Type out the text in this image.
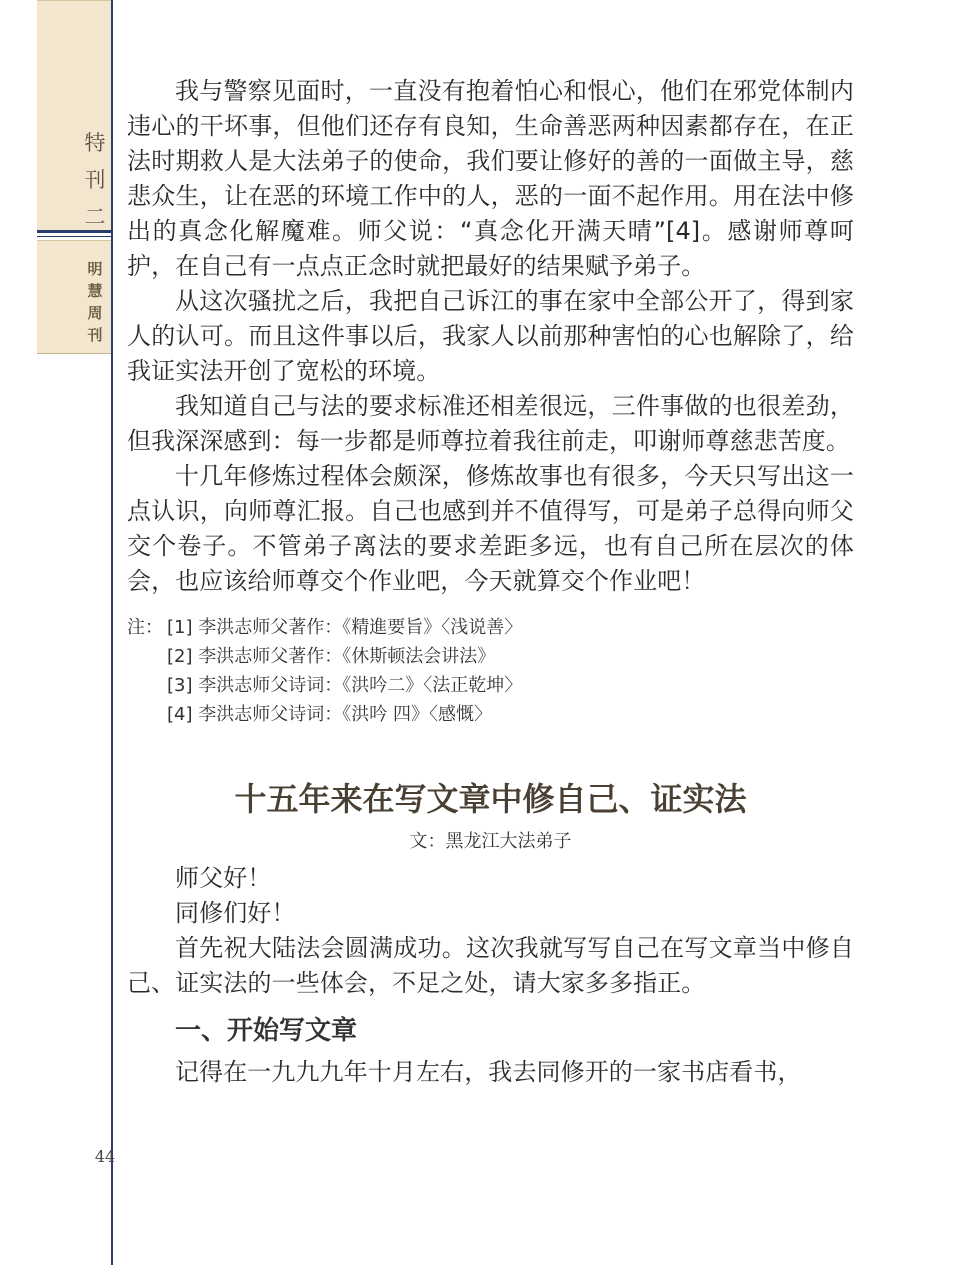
特
刊
二
明
慧
周
刊
44

我与警察见面时，一直没有抱着怕心和恨心，他们在邪党体制内违心的干坏事，但他们还存有良知，生命善恶两种因素都存在，在正法时期救人是大法弟子的使命，我们要让修好的善的一面做主导，慈悲众生，让在恶的环境工作中的人，恶的一面不起作用。用在法中修出的真念化解魔难。师父说：“真念化开满天晴”[4]。感谢师尊呵护，在自己有一点点正念时就把最好的结果赋予弟子。

从这次骚扰之后，我把自己诉江的事在家中全部公开了，得到家人的认可。而且这件事以后，我家人以前那种害怕的心也解除了，给我证实法开创了宽松的环境。

我知道自己与法的要求标准还相差很远，三件事做的也很差劲，但我深深感到：每一步都是师尊拉着我往前走，叩谢师尊慈悲苦度。

十几年修炼过程体会颇深，修炼故事也有很多，今天只写出这一点认识，向师尊汇报。自己也感到并不值得写，可是弟子总得向师父交个卷子。不管弟子离法的要求差距多远，也有自己所在层次的体会，也应该给师尊交个作业吧，今天就算交个作业吧！

注： [1] 李洪志师父著作：《精進要旨》〈浅说善〉
[2] 李洪志师父著作：《休斯顿法会讲法》
[3] 李洪志师父诗词：《洪吟二》〈法正乾坤〉
[4] 李洪志师父诗词：《洪吟 四》〈感慨〉
十五年来在写文章中修自己、证实法
文：黑龙江大法弟子

师父好！

同修们好！

首先祝大陆法会圆满成功。这次我就写写自己在写文章当中修自己、证实法的一些体会，不足之处，请大家多多指正。

一、开始写文章

记得在一九九九年十月左右，我去同修开的一家书店看书，
